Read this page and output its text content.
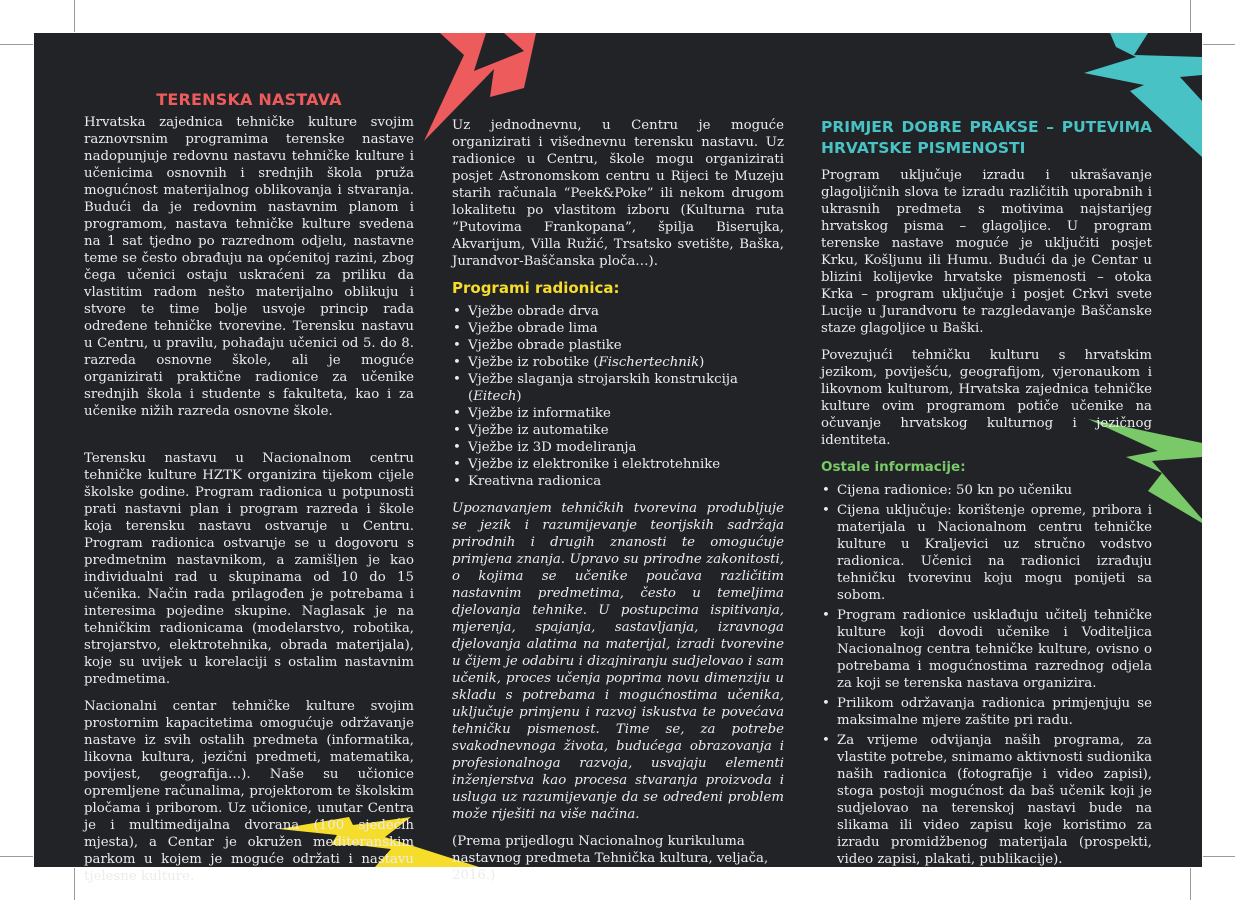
TERENSKA NASTAVA

Hrvatska zajednica tehničke kulture svojim raznovrsnim programima terenske nastave nadopunjuje redovnu nastavu tehničke kulture i učenicima osnovnih i srednjih škola pruža mogućnost materijalnog oblikovanja i stvaranja. Budući da je redovnim nastavnim planom i programom, nastava tehničke kulture svedena na 1 sat tjedno po razrednom odjelu, nastavne teme se često obrađuju na općenitoj razini, zbog čega učenici ostaju uskraćeni za priliku da vlastitim radom nešto materijalno oblikuju i stvore te time bolje usvoje princip rada određene tehničke tvorevine. Terensku nastavu u Centru, u pravilu, pohađaju učenici od 5. do 8. razreda osnovne škole, ali je moguće organizirati praktične radionice za učenike srednjih škola i studente s fakulteta, kao i za učenike nižih razreda osnovne škole.

Terensku nastavu u Nacionalnom centru tehničke kulture HZTK organizira tijekom cijele školske godine. Program radionica u potpunosti prati nastavni plan i program razreda i škole koja terensku nastavu ostvaruje u Centru. Program radionica ostvaruje se u dogovoru s predmetnim nastavnikom, a zamišljen je kao individualni rad u skupinama od 10 do 15 učenika. Način rada prilagođen je potrebama i interesima pojedine skupine. Naglasak je na tehničkim radionicama (modelarstvo, robotika, strojarstvo, elektrotehnika, obrada materijala), koje su uvijek u korelaciji s ostalim nastavnim predmetima.

Nacionalni centar tehničke kulture svojim prostornim kapacitetima omogućuje održavanje nastave iz svih ostalih predmeta (informatika, likovna kultura, jezični predmeti, matematika, povijest, geografija…). Naše su učionice opremljene računalima, projektorom te školskim pločama i priborom. Uz učionice, unutar Centra je i multimedijalna dvorana (100 sjedećih mjesta), a Centar je okružen mediteranskim parkom u kojem je moguće održati i nastavu tjelesne kulture.

Uz jednodnevnu, u Centru je moguće organizirati i višednevnu terensku nastavu. Uz radionice u Centru, škole mogu organizirati posjet Astronomskom centru u Rijeci te Muzeju starih računala “Peek&Poke” ili nekom drugom lokalitetu po vlastitom izboru (Kulturna ruta “Putovima Frankopana”, špilja Biserujka, Akvarijum, Villa Ružić, Trsatsko svetište, Baška, Jurandvor-Baščanska ploča…).

Programi radionica:
• Vježbe obrade drva
• Vježbe obrade lima
• Vježbe obrade plastike
• Vježbe iz robotike (Fischertechnik)
• Vježbe slaganja strojarskih konstrukcija (Eitech)
• Vježbe iz informatike
• Vježbe iz automatike
• Vježbe iz 3D modeliranja
• Vježbe iz elektronike i elektrotehnike
• Kreativna radionica

Upoznavanjem tehničkih tvorevina produbljuje se jezik i razumijevanje teorijskih sadržaja prirodnih i drugih znanosti te omogućuje primjena znanja. Upravo su prirodne zakonitosti, o kojima se učenike poučava različitim nastavnim predmetima, često u temeljima djelovanja tehnike. U postupcima ispitivanja, mjerenja, spajanja, sastavljanja, izravnoga djelovanja alatima na materijal, izradi tvorevine u čijem je odabiru i dizajniranju sudjelovao i sam učenik, proces učenja poprima novu dimenziju u skladu s potrebama i mogućnostima učenika, uključuje primjenu i razvoj iskustva te povećava tehničku pismenost. Time se, za potrebe svakodnevnoga života, budućega obrazovanja i profesionalnoga razvoja, usvajaju elementi inženjerstva kao procesa stvaranja proizvoda i usluga uz razumijevanje da se određeni problem može riješiti na više načina.

(Prema prijedlogu Nacionalnog kurikuluma nastavnog predmeta Tehnička kultura, veljača, 2016.)

PRIMJER DOBRE PRAKSE – PUTEVIMA HRVATSKE PISMENOSTI

Program uključuje izradu i ukrašavanje glagoljičnih slova te izradu različitih uporabnih i ukrasnih predmeta s motivima najstarijeg hrvatskog pisma – glagoljice. U program terenske nastave moguće je uključiti posjet Krku, Košljunu ili Humu. Budući da je Centar u blizini kolijevke hrvatske pismenosti – otoka Krka – program uključuje i posjet Crkvi svete Lucije u Jurandvoru te razgledavanje Baščanske staze glagoljice u Baški.

Povezujući tehničku kulturu s hrvatskim jezikom, poviješću, geografijom, vjeronaukom i likovnom kulturom, Hrvatska zajednica tehničke kulture ovim programom potiče učenike na očuvanje hrvatskog kulturnog i jezičnog identiteta.

Ostale informacije:
• Cijena radionice: 50 kn po učeniku
• Cijena uključuje: korištenje opreme, pribora i materijala u Nacionalnom centru tehničke kulture u Kraljevici uz stručno vodstvo radionica. Učenici na radionici izrađuju tehničku tvorevinu koju mogu ponijeti sa sobom.
• Program radionice usklađuju učitelj tehničke kulture koji dovodi učenike i Voditeljica Nacionalnog centra tehničke kulture, ovisno o potrebama i mogućnostima razrednog odjela za koji se terenska nastava organizira.
• Prilikom održavanja radionica primjenjuju se maksimalne mjere zaštite pri radu.
• Za vrijeme odvijanja naših programa, za vlastite potrebe, snimamo aktivnosti sudionika naših radionica (fotografije i video zapisi), stoga postoji mogućnost da baš učenik koji je sudjelovao na terenskoj nastavi bude na slikama ili video zapisu koje koristimo za izradu promidžbenog materijala (prospekti, video zapisi, plakati, publikacije).
